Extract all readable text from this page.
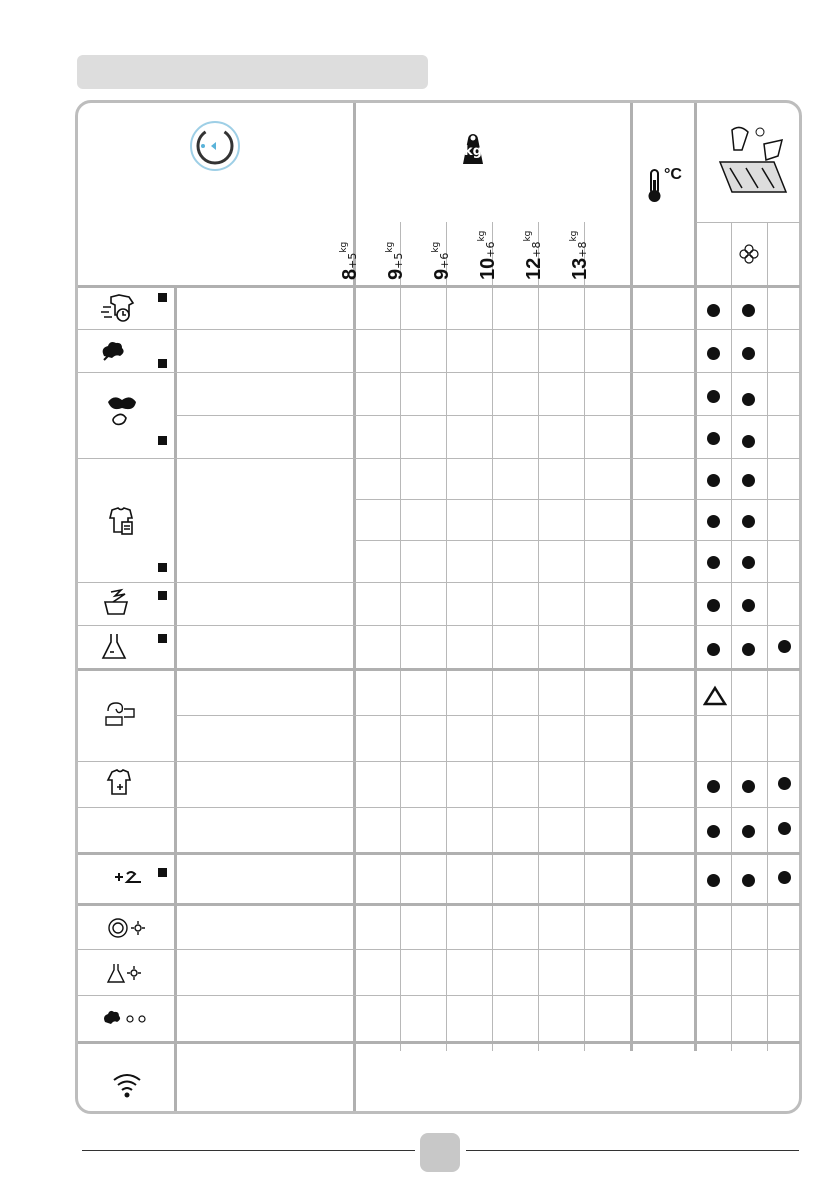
kg
°C
$8+5^{kg}$
$9+5^{kg}$
$9+6^{kg}$
$10+6^{kg}$
$12+8^{kg}$
$13+8^{kg}$
